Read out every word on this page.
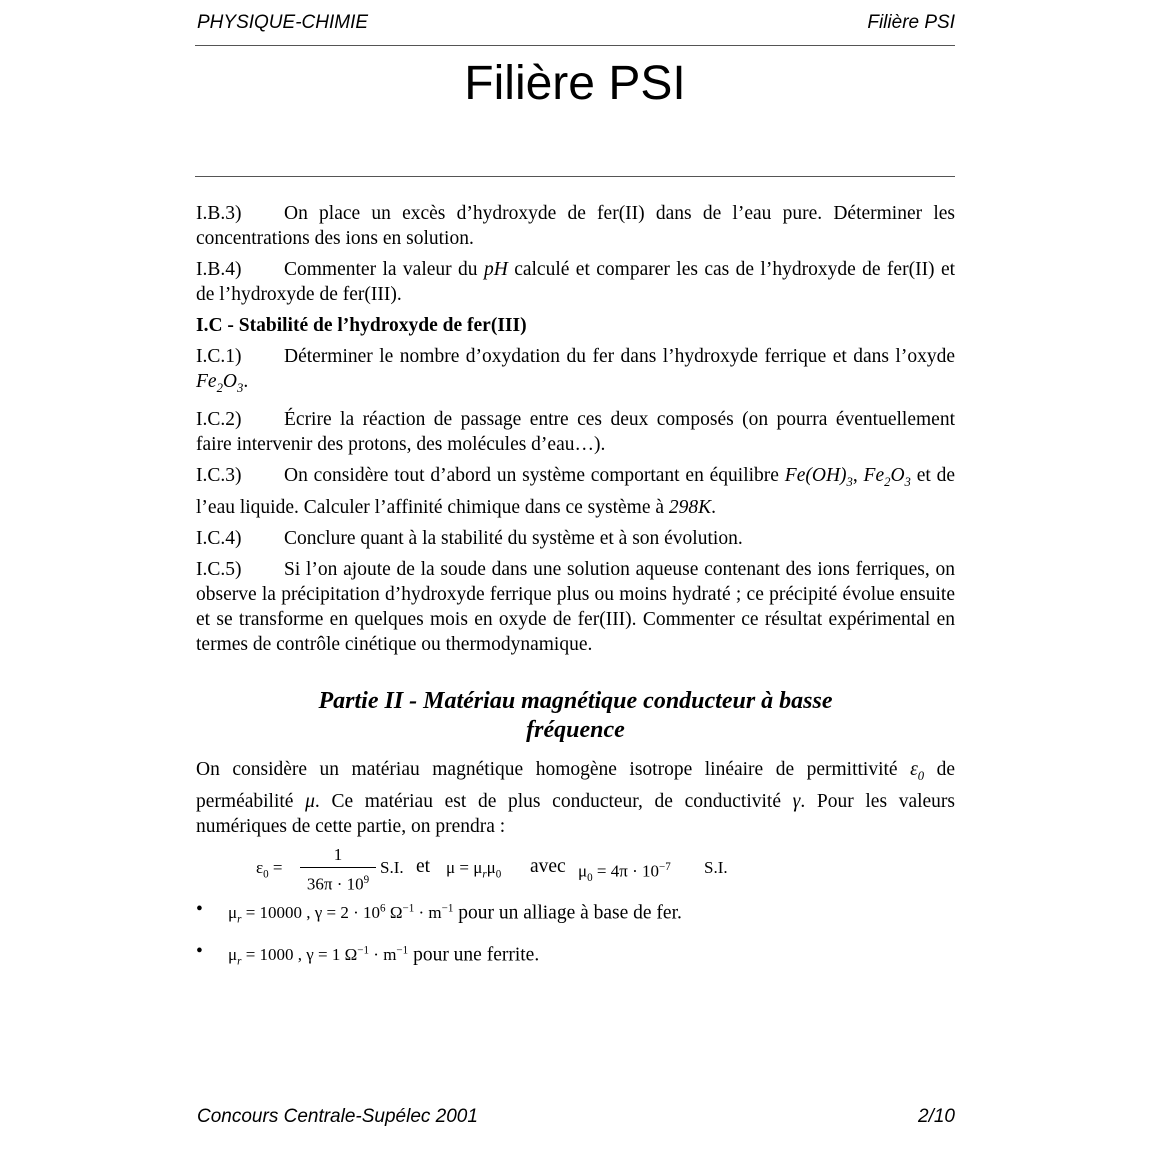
PHYSIQUE-CHIMIE	Filière PSI
Filière PSI

I.B.3) On place un excès d’hydroxyde de fer(II) dans de l’eau pure. Déterminer les concentrations des ions en solution.

I.B.4) Commenter la valeur du pH calculé et comparer les cas de l’hydroxyde de fer(II) et de l’hydroxyde de fer(III).

I.C - Stabilité de l’hydroxyde de fer(III)

I.C.1) Déterminer le nombre d’oxydation du fer dans l’hydroxyde ferrique et dans l’oxyde $Fe_2O_3$.

I.C.2) Écrire la réaction de passage entre ces deux composés (on pourra éventuellement faire intervenir des protons, des molécules d’eau…).

I.C.3) On considère tout d’abord un système comportant en équilibre $Fe(OH)_3$, $Fe_2O_3$ et de l’eau liquide. Calculer l’affinité chimique dans ce système à 298K.

I.C.4) Conclure quant à la stabilité du système et à son évolution.

I.C.5) Si l’on ajoute de la soude dans une solution aqueuse contenant des ions ferriques, on observe la précipitation d’hydroxyde ferrique plus ou moins hydraté ; ce précipité évolue ensuite et se transforme en quelques mois en oxyde de fer(III). Commenter ce résultat expérimental en termes de contrôle cinétique ou thermodynamique.

Partie II - Matériau magnétique conducteur à basse
fréquence

On considère un matériau magnétique homogène isotrope linéaire de permittivité $\varepsilon_0$ de perméabilité μ. Ce matériau est de plus conducteur, de conductivité γ. Pour les valeurs numériques de cette partie, on prendra :

$\varepsilon_0$ =
1
$36\pi \cdot 10^9$
S.I. et $\mu = \mu_r\mu_0$ avec $\mu_0 = 4\pi \cdot 10^{-7}$ S.I.
• $\mu_r = 10000$ , $\gamma = 2 \cdot 10^6$ $\Omega^{-1} \cdot m^{-1}$ pour un alliage à base de fer.
• $\mu_r = 1000$ , γ = 1 $\Omega^{-1} \cdot m^{-1}$ pour une ferrite.
Concours Centrale-Supélec 2001	2/10
